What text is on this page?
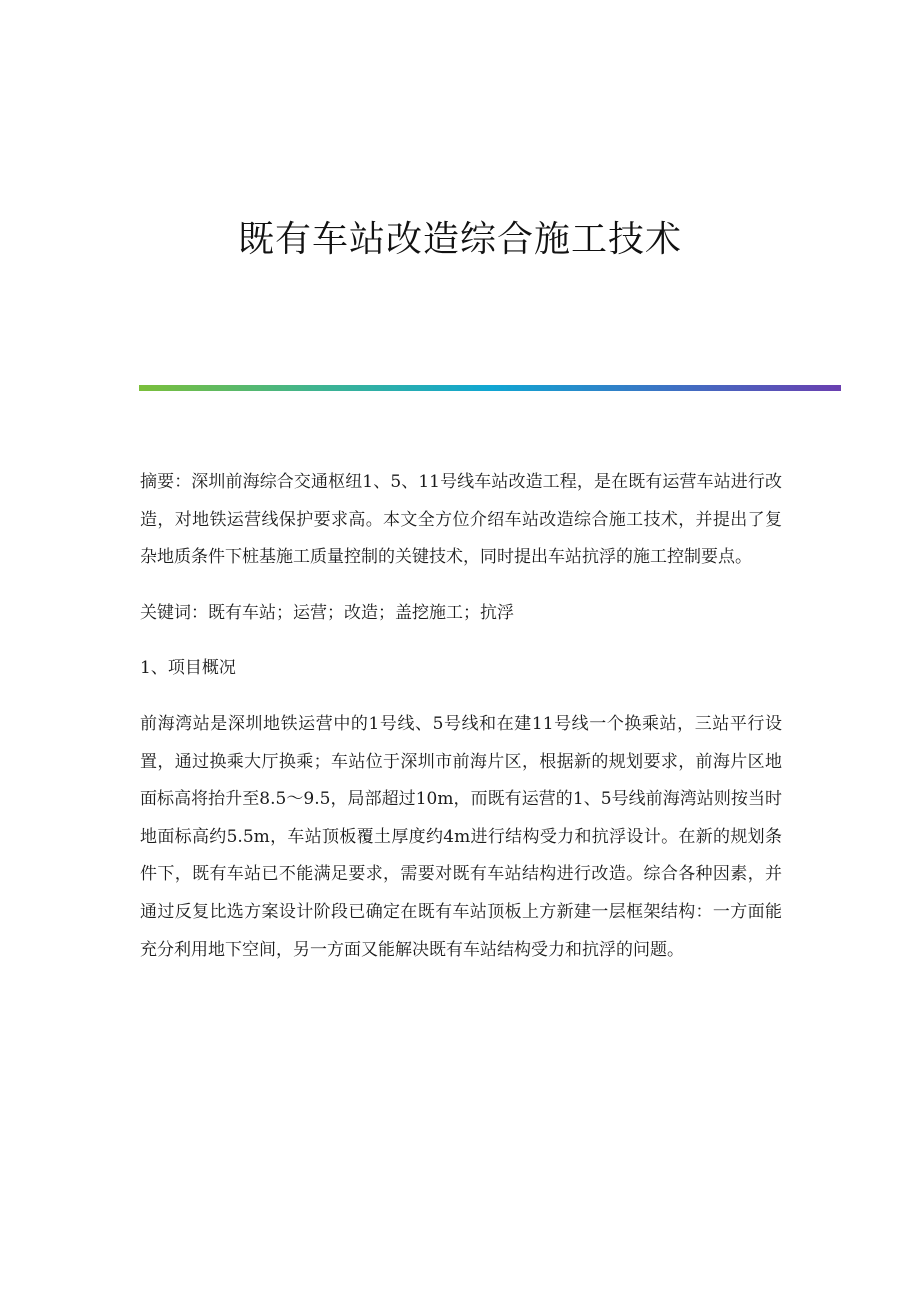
既有车站改造综合施工技术

摘要：深圳前海综合交通枢纽1、5、11号线车站改造工程，是在既有运营车站进行改造，对地铁运营线保护要求高。本文全方位介绍车站改造综合施工技术，并提出了复杂地质条件下桩基施工质量控制的关键技术，同时提出车站抗浮的施工控制要点。

关键词：既有车站；运营；改造；盖挖施工；抗浮

1、项目概况

前海湾站是深圳地铁运营中的1号线、5号线和在建11号线一个换乘站，三站平行设置，通过换乘大厅换乘；车站位于深圳市前海片区，根据新的规划要求，前海片区地面标高将抬升至8.5～9.5，局部超过10m，而既有运营的1、5号线前海湾站则按当时地面标高约5.5m，车站顶板覆土厚度约4m进行结构受力和抗浮设计。在新的规划条件下，既有车站已不能满足要求，需要对既有车站结构进行改造。综合各种因素，并通过反复比选方案设计阶段已确定在既有车站顶板上方新建一层框架结构：一方面能充分利用地下空间，另一方面又能解决既有车站结构受力和抗浮的问题。
